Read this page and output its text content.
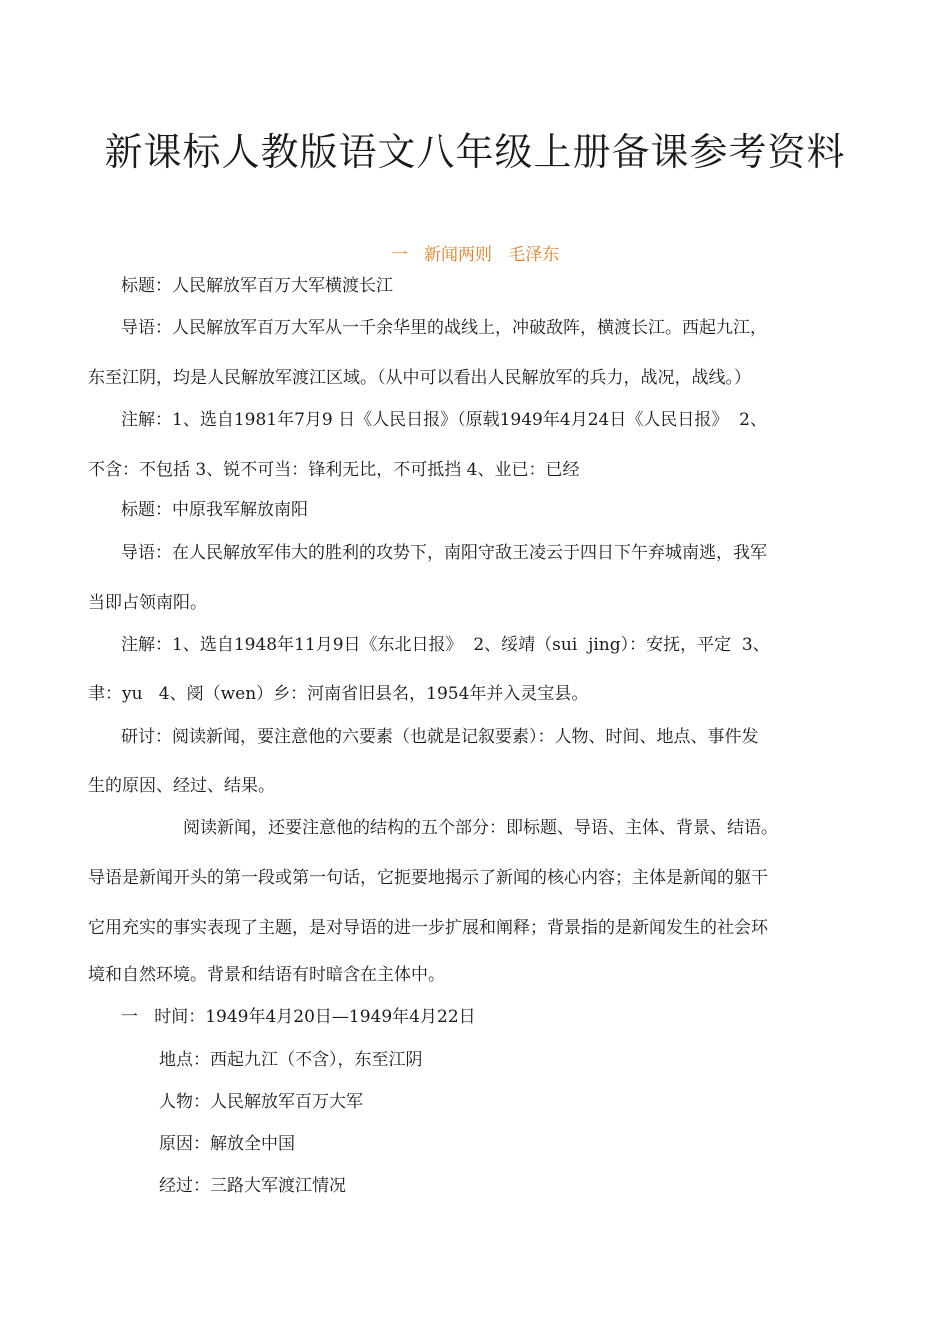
新课标人教版语文八年级上册备课参考资料
一   新闻两则   毛泽东

标题：人民解放军百万大军横渡长江

导语：人民解放军百万大军从一千余华里的战线上，冲破敌阵，横渡长江。西起九江，

东至江阴，均是人民解放军渡江区域。（从中可以看出人民解放军的兵力，战况，战线。）

注解：1、选自1981年7月9 日《人民日报》（原载1949年4月24日《人民日报》  2、

不含：不包括 3、锐不可当：锋利无比，不可抵挡 4、业已：已经

标题：中原我军解放南阳

导语：在人民解放军伟大的胜利的攻势下，南阳守敌王凌云于四日下午弃城南逃，我军

当即占领南阳。

注解：1、选自1948年11月9日《东北日报》  2、绥靖（sui  jing）：安抚，平定  3、

聿：yu   4、阌（wen）乡：河南省旧县名，1954年并入灵宝县。

研讨：阅读新闻，要注意他的六要素（也就是记叙要素）：人物、时间、地点、事件发

生的原因、经过、结果。

阅读新闻，还要注意他的结构的五个部分：即标题、导语、主体、背景、结语。

导语是新闻开头的第一段或第一句话，它扼要地揭示了新闻的核心内容；主体是新闻的躯干

它用充实的事实表现了主题，是对导语的进一步扩展和阐释；背景指的是新闻发生的社会环

境和自然环境。背景和结语有时暗含在主体中。

一   时间：1949年4月20日—1949年4月22日

地点：西起九江（不含），东至江阴

人物：人民解放军百万大军

原因：解放全中国

经过：三路大军渡江情况
